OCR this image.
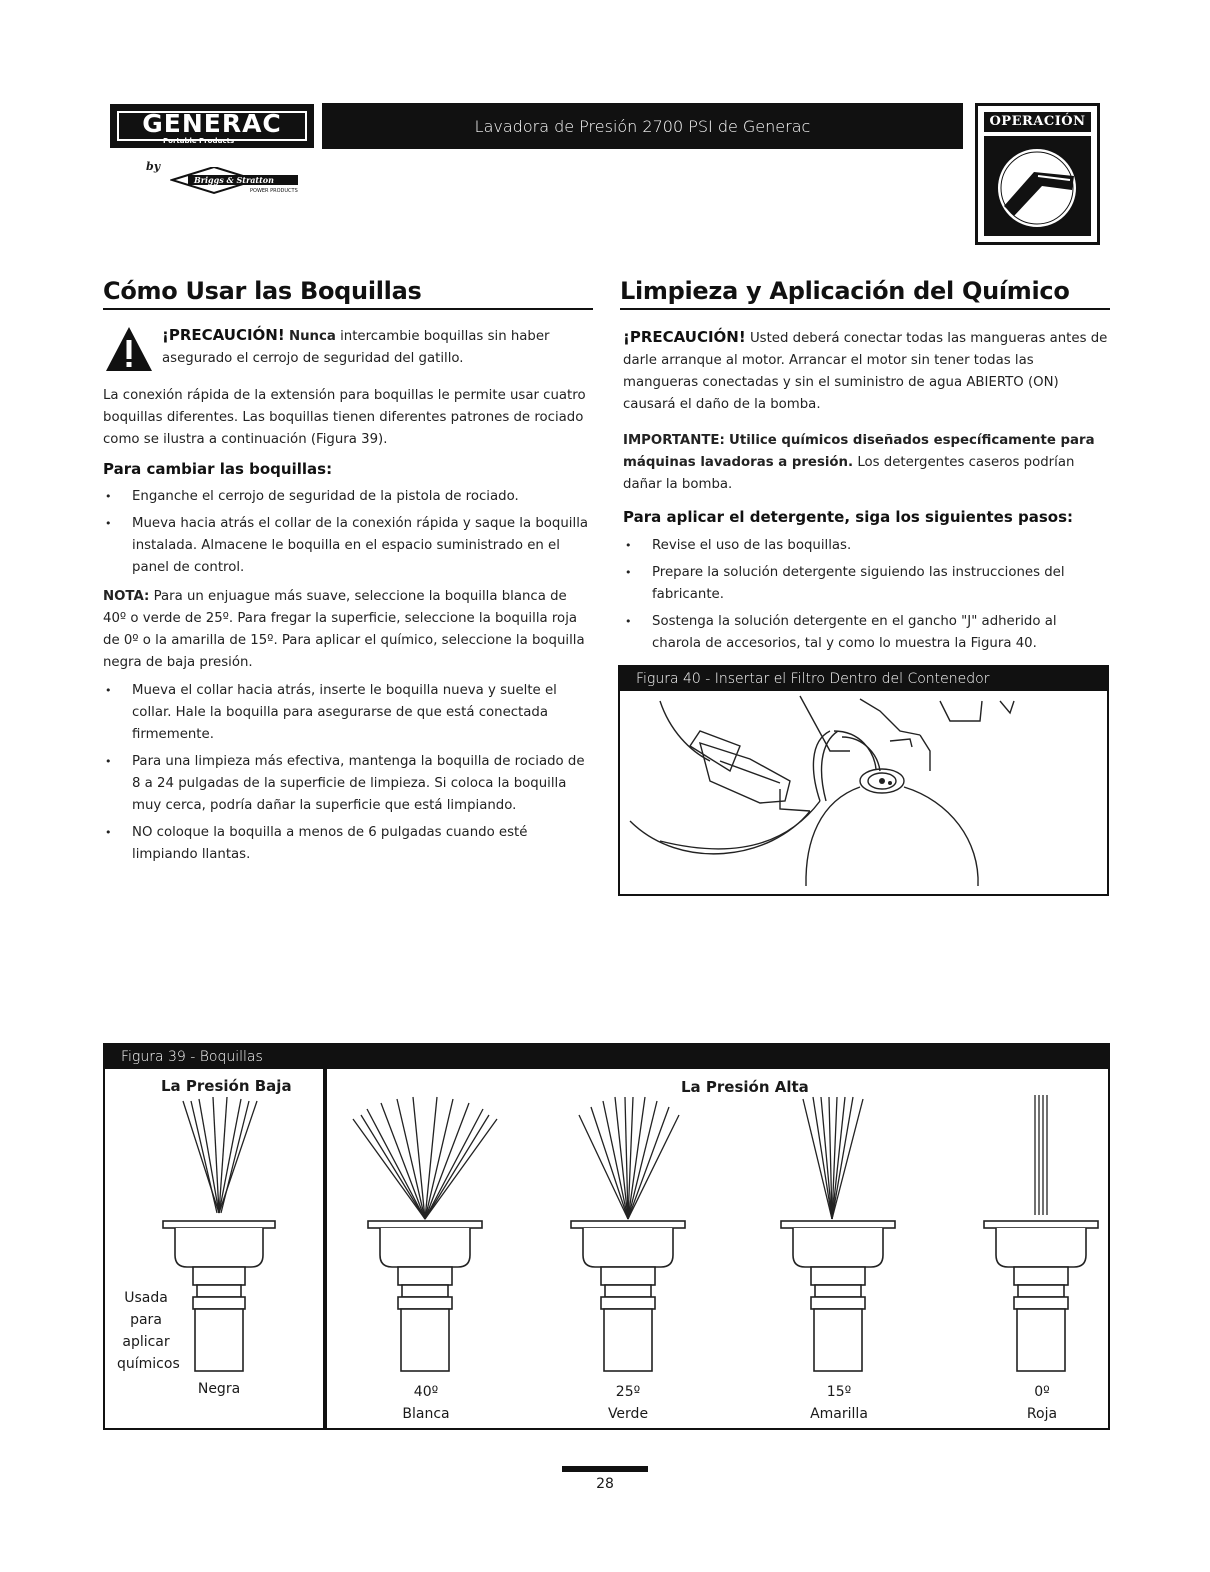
GENERAC
Portable Products
by
Briggs & Stratton
POWER PRODUCTS
Lavadora de Presión 2700 PSI de Generac	OPERACIÓN
Cómo Usar las Boquillas
¡PRECAUCIÓN! Nunca intercambie boquillas sin haber asegurado el cerrojo de seguridad del gatillo.
La conexión rápida de la extensión para boquillas le permite usar cuatro boquillas diferentes. Las boquillas tienen diferentes patrones de rociado como se ilustra a continuación (Figura 39).
Para cambiar las boquillas:
• Enganche el cerrojo de seguridad de la pistola de rociado.
• Mueva hacia atrás el collar de la conexión rápida y saque la boquilla instalada. Almacene le boquilla en el espacio suministrado en el panel de control.
NOTA: Para un enjuague más suave, seleccione la boquilla blanca de 40º o verde de 25º. Para fregar la superficie, seleccione la boquilla roja de 0º o la amarilla de 15º. Para aplicar el químico, seleccione la boquilla negra de baja presión.
• Mueva el collar hacia atrás, inserte le boquilla nueva y suelte el collar. Hale la boquilla para asegurarse de que está conectada firmemente.
• Para una limpieza más efectiva, mantenga la boquilla de rociado de 8 a 24 pulgadas de la superficie de limpieza. Si coloca la boquilla muy cerca, podría dañar la superficie que está limpiando.
• NO coloque la boquilla a menos de 6 pulgadas cuando esté limpiando llantas.
Limpieza y Aplicación del Químico
¡PRECAUCIÓN! Usted deberá conectar todas las mangueras antes de darle arranque al motor. Arrancar el motor sin tener todas las mangueras conectadas y sin el suministro de agua ABIERTO (ON) causará el daño de la bomba.
IMPORTANTE: Utilice químicos diseñados específicamente para máquinas lavadoras a presión. Los detergentes caseros podrían dañar la bomba.
Para aplicar el detergente, siga los siguientes pasos:
• Revise el uso de las boquillas.
• Prepare la solución detergente siguiendo las instrucciones del fabricante.
• Sostenga la solución detergente en el gancho "J" adherido al charola de accesorios, tal y como lo muestra la Figura 40.
Figura 40 - Insertar el Filtro Dentro del Contenedor
Figura 39 - Boquillas
La Presión Baja	La Presión Alta
Usada
para
aplicar
químicos
Negra	40º
Blanca
25º
Verde
15º
Amarilla
0º
Roja
28
